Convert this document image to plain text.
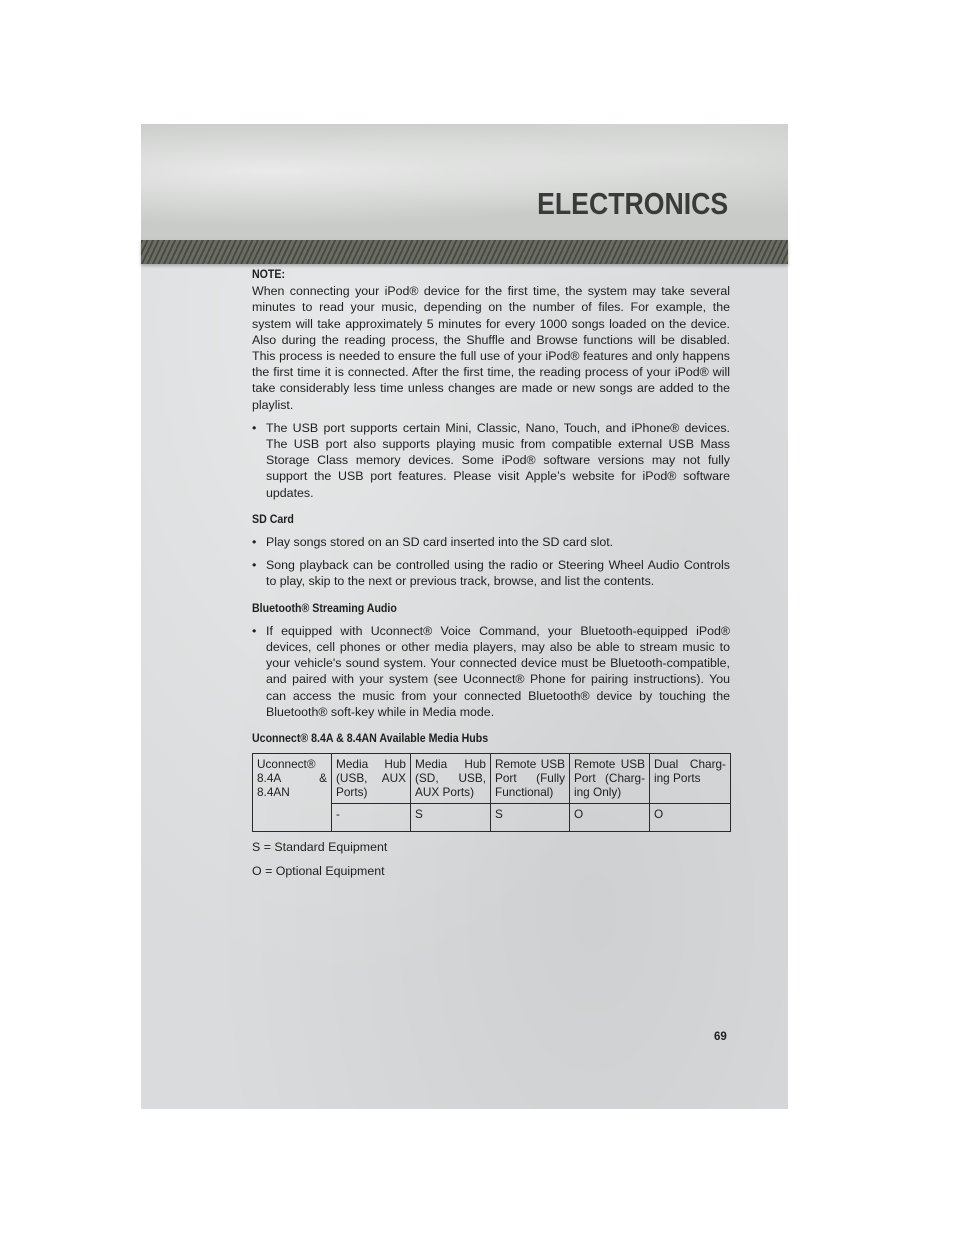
ELECTRONICS
NOTE:

When connecting your iPod® device for the first time, the system may take several minutes to read your music, depending on the number of files. For example, the system will take approximately 5 minutes for every 1000 songs loaded on the device. Also during the reading process, the Shuffle and Browse functions will be disabled. This process is needed to ensure the full use of your iPod® features and only happens the first time it is connected. After the first time, the reading process of your iPod® will take considerably less time unless changes are made or new songs are added to the playlist.

• The USB port supports certain Mini, Classic, Nano, Touch, and iPhone® devices. The USB port also supports playing music from compatible external USB Mass Storage Class memory devices. Some iPod® software versions may not fully support the USB port features. Please visit Apple’s website for iPod® software updates.
SD Card
• Play songs stored on an SD card inserted into the SD card slot.
• Song playback can be controlled using the radio or Steering Wheel Audio Controls to play, skip to the next or previous track, browse, and list the contents.
Bluetooth® Streaming Audio
• If equipped with Uconnect® Voice Command, your Bluetooth-equipped iPod® devices, cell phones or other media players, may also be able to stream music to your vehicle's sound system. Your connected device must be Bluetooth-compatible, and paired with your system (see Uconnect® Phone for pairing instructions). You can access the music from your connected Bluetooth® device by touching the Bluetooth® soft-key while in Media mode.
Uconnect® 8.4A & 8.4AN Available Media Hubs
Uconnect® 8.4A & 8.4AN	Media Hub (USB, AUX Ports)	Media Hub (SD, USB, AUX Ports)	Remote USB Port (Fully Functional)	Remote USB Port (Charg-ing Only)	Dual Charg-ing Ports
	-	S	S	O	O

S = Standard Equipment

O = Optional Equipment

69
